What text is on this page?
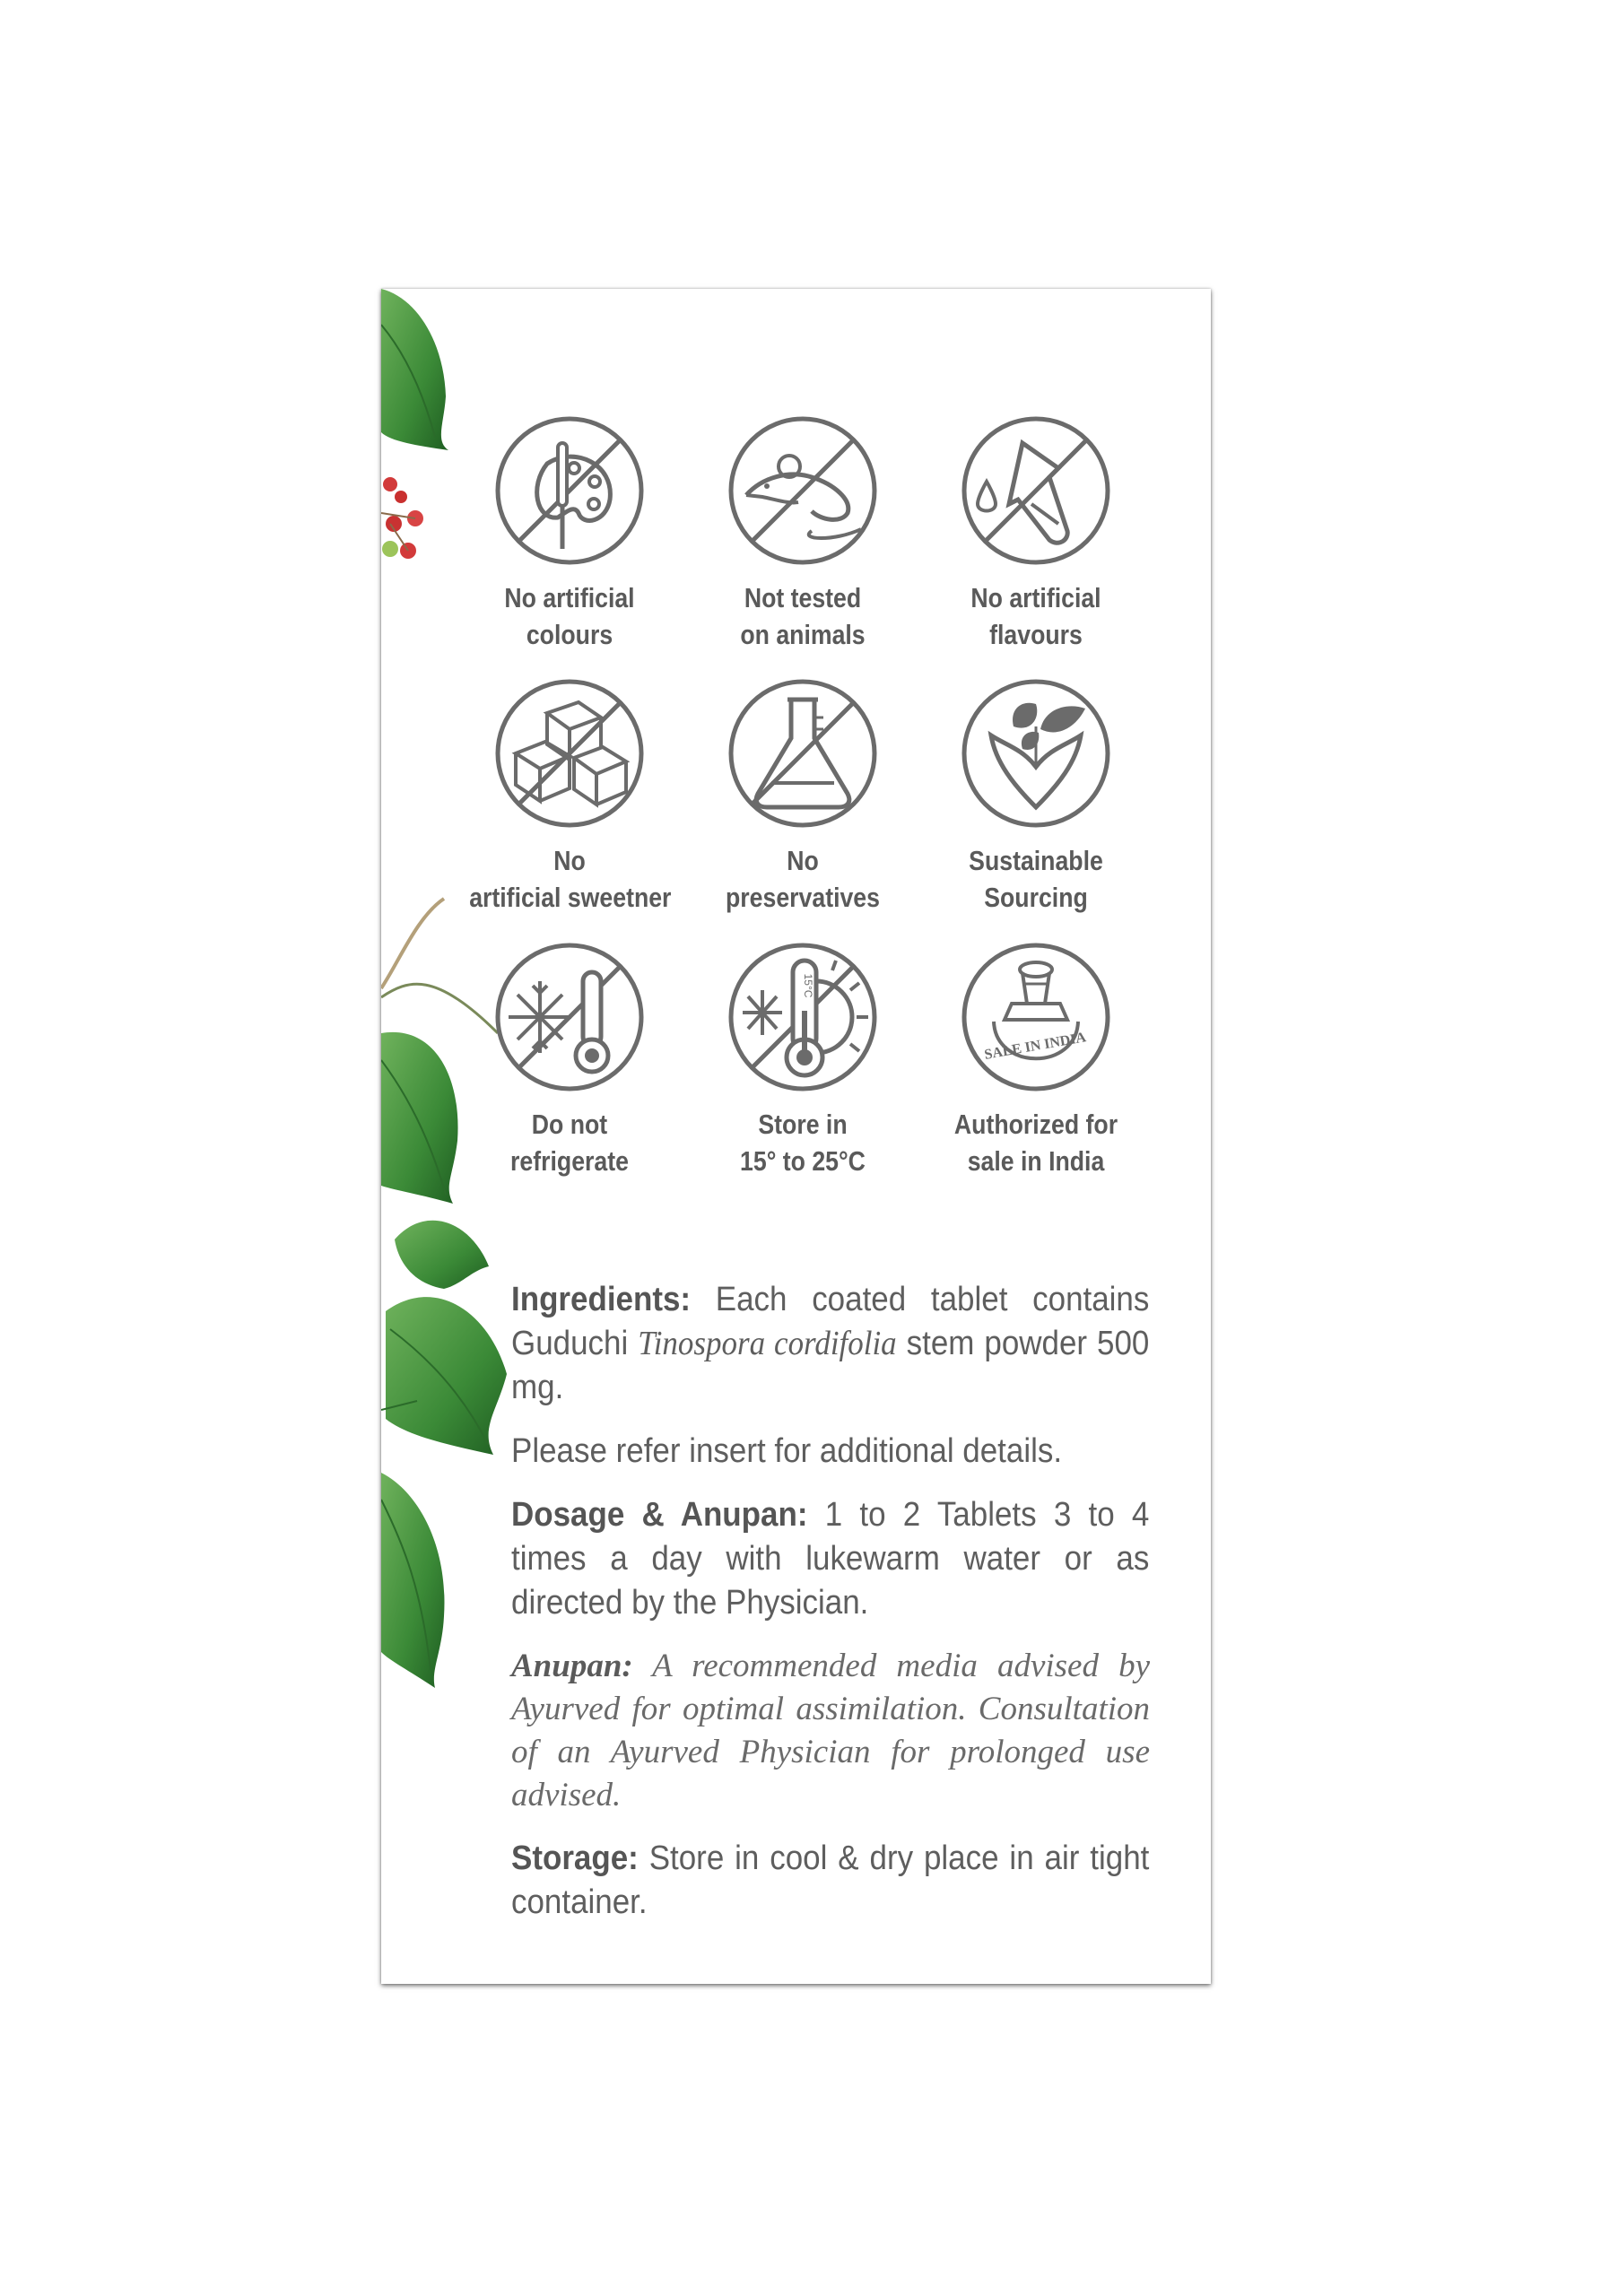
No artificial
colours
Not tested
on animals
No artificial
flavours
No
artificial sweetner
No
preservatives
Sustainable
Sourcing
Do not
refrigerate
15°C
Store in
15° to 25°C
SALE IN INDIA
Authorized for
sale in India

Ingredients: Each coated tablet contains Guduchi Tinospora cordifolia stem powder 500 mg.

Please refer insert for additional details.

Dosage & Anupan: 1 to 2 Tablets 3 to 4 times a day with lukewarm water or as directed by the Physician.

Anupan: A recommended media advised by Ayurved for optimal assimilation. Consultation of an Ayurved Physician for prolonged use advised.

Storage: Store in cool & dry place in air tight container.
